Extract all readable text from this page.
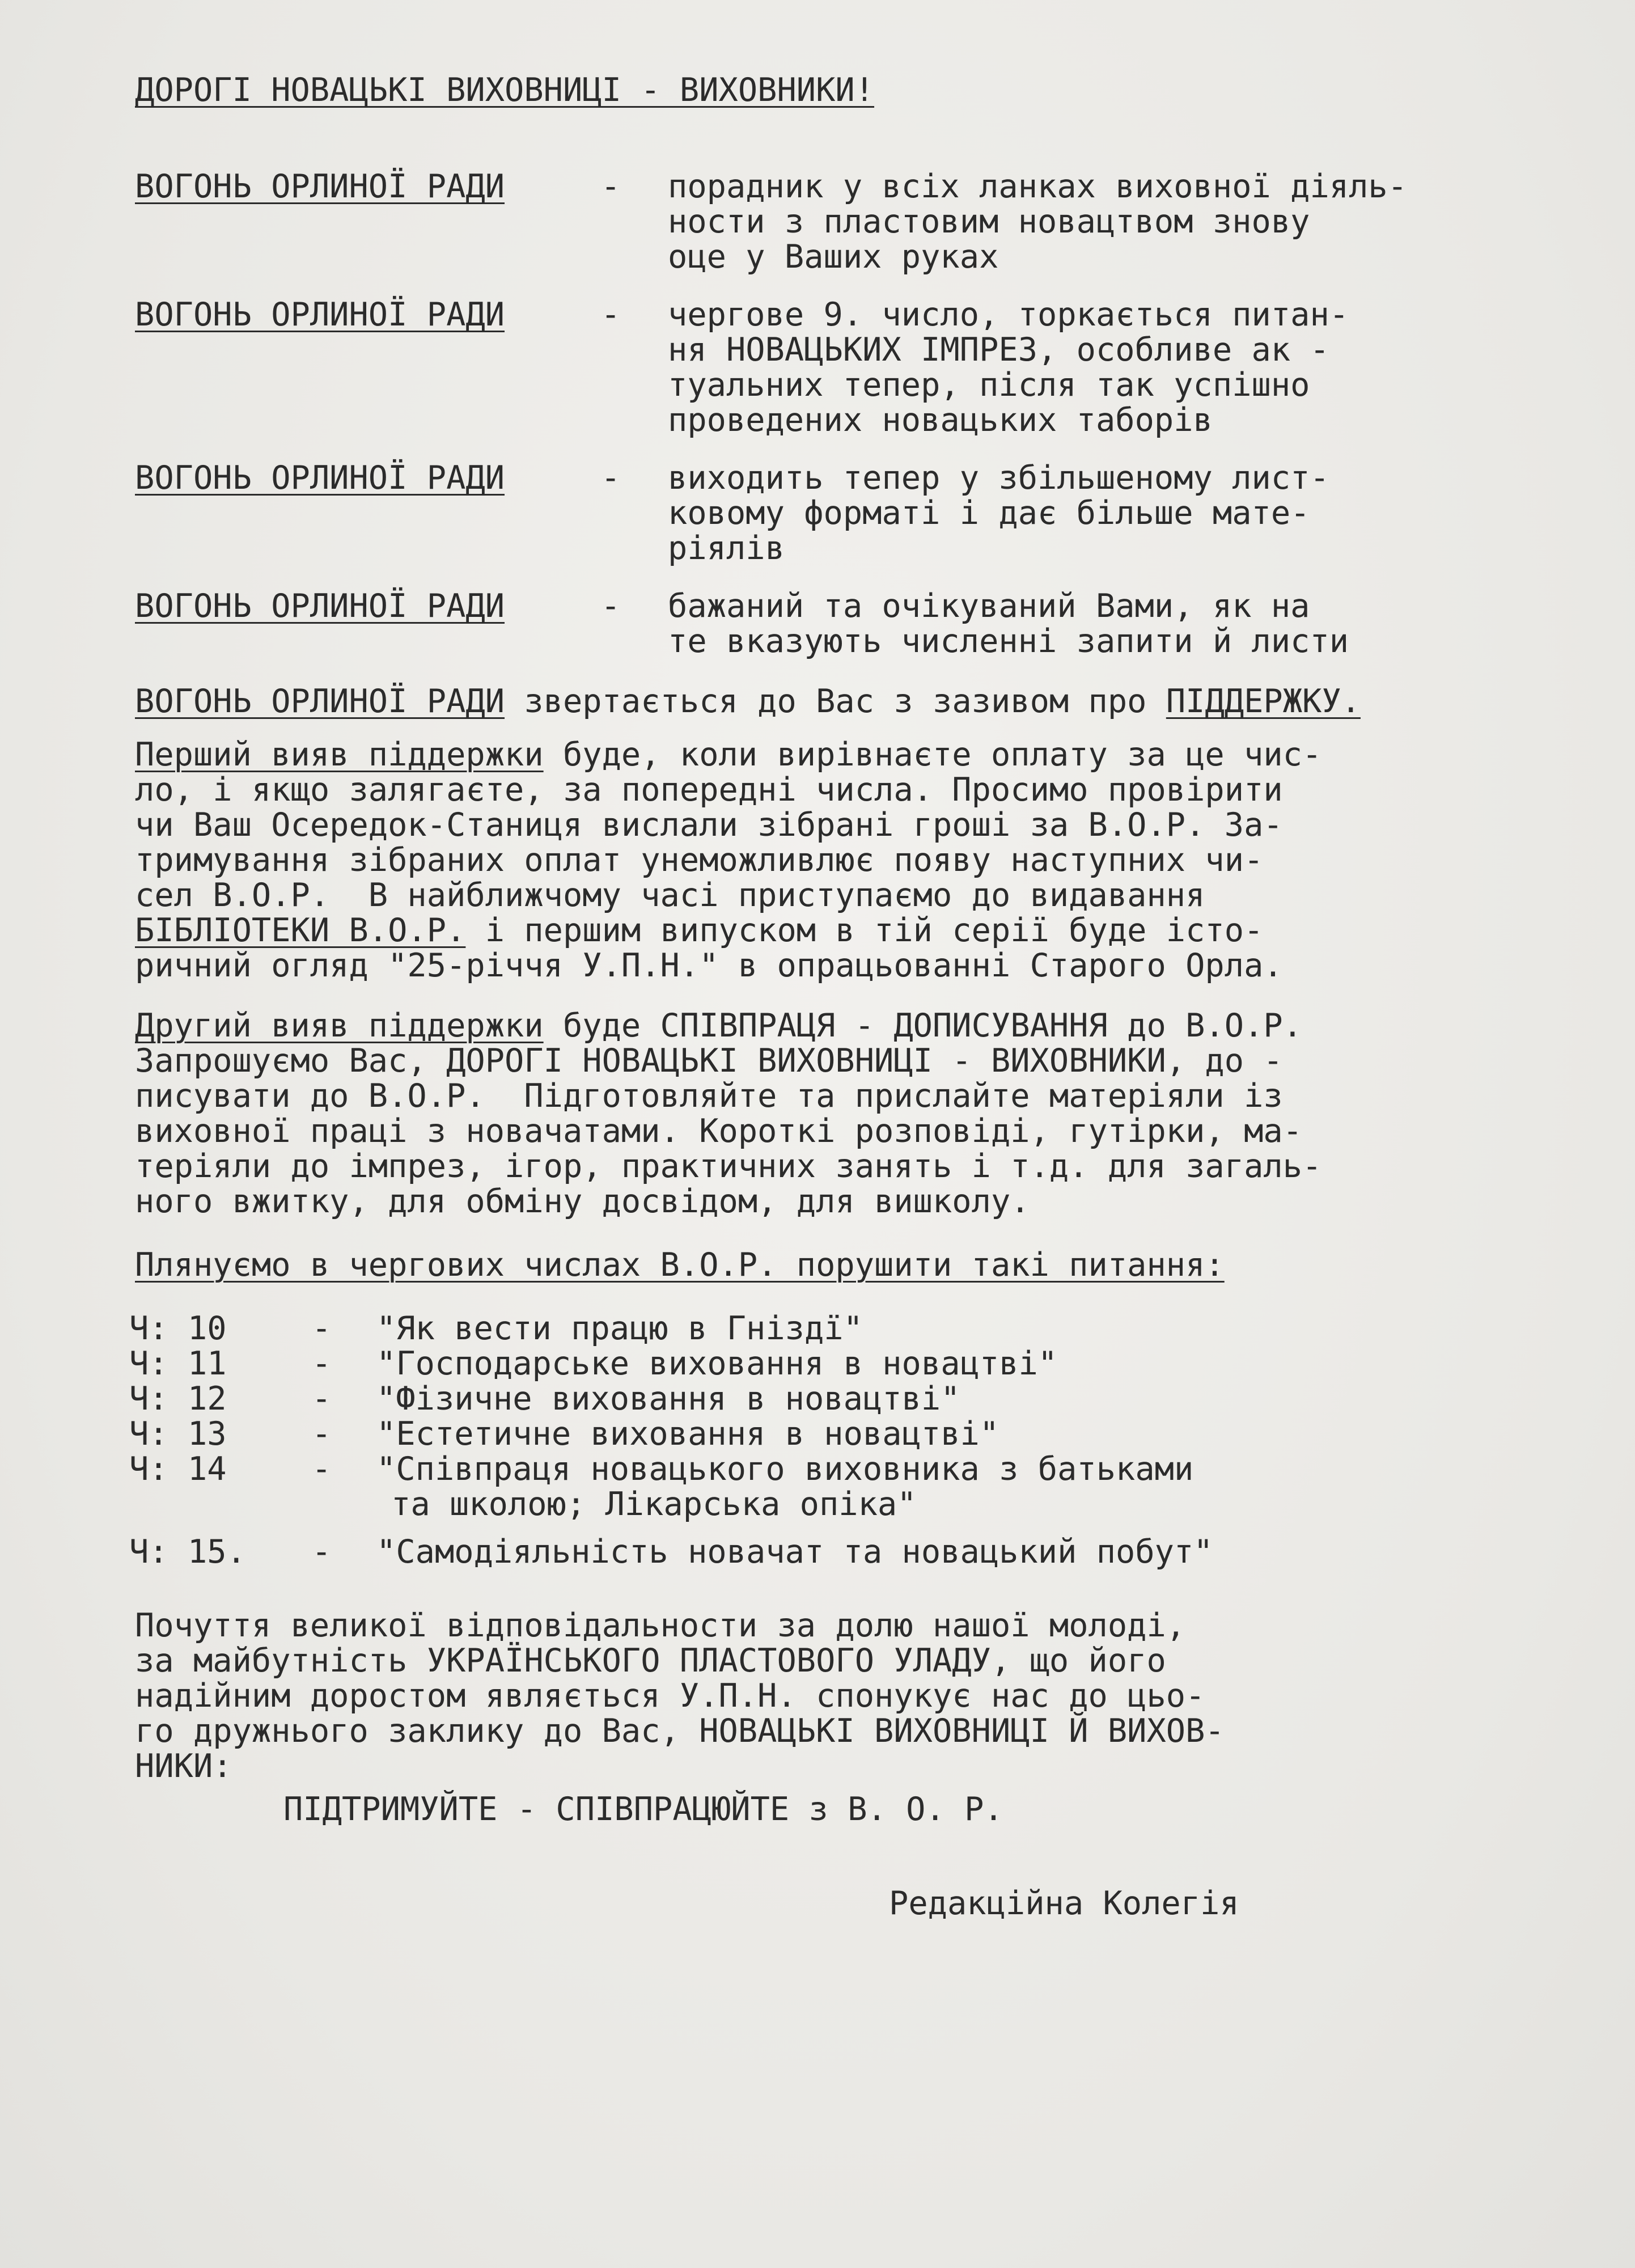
ДОРОГІ НОВАЦЬКІ ВИХОВНИЦІ - ВИХОВНИКИ!
ВОГОНЬ ОРЛИНОЇ РАДИ	- порадник у всіх ланках виховної діяль-
ности з пластовим новацтвом знову
оце у Ваших руках
ВОГОНЬ ОРЛИНОЇ РАДИ	- чергове 9. число, торкається питан-
ня НОВАЦЬКИХ ІМПРЕЗ, особливе ак -
туальних тепер, після так успішно
проведених новацьких таборів
ВОГОНЬ ОРЛИНОЇ РАДИ	- виходить тепер у збільшеному лист-
ковому форматі і дає більше мате-
ріялів
ВОГОНЬ ОРЛИНОЇ РАДИ	- бажаний та очікуваний Вами, як на
те вказують численні запити й листи
ВОГОНЬ ОРЛИНОЇ РАДИ звертається до Вас з зазивом про ПІДДЕРЖКУ.
Перший вияв піддержки буде, коли вирівнаєте оплату за це чис-
ло, і якщо залягаєте, за попередні числа. Просимо провірити
чи Ваш Осередок-Станиця вислали зібрані гроші за В.О.Р. За-
тримування зібраних оплат унеможливлює появу наступних чи-
сел В.О.Р.  В найближчому часі приступаємо до видавання
БІБЛІОТЕКИ В.О.Р. і першим випуском в тій серії буде істо-
ричний огляд "25-річчя У.П.Н." в опрацьованні Старого Орла.
Другий вияв піддержки буде СПІВПРАЦЯ - ДОПИСУВАННЯ до В.О.Р.
Запрошуємо Вас, ДОРОГІ НОВАЦЬКІ ВИХОВНИЦІ - ВИХОВНИКИ, до -
писувати до В.О.Р.  Підготовляйте та прислайте матеріяли із
виховної праці з новачатами. Короткі розповіді, гутірки, ма-
теріяли до імпрез, ігор, практичних занять і т.д. для загаль-
ного вжитку, для обміну досвідом, для вишколу.
Плянуємо в чергових числах В.О.Р. порушити такі питання:
Ч: 10	- "Як вести працю в Гніздї"
Ч: 11	- "Господарське виховання в новацтві"
Ч: 12	- "Фізичне виховання в новацтві"
Ч: 13	- "Естетичне виховання в новацтві"
Ч: 14	- "Співпраця новацького виховника з батьками
та школою; Лікарська опіка"
Ч: 15. - "Самодіяльність новачат та новацький побут"
Почуття великої відповідальности за долю нашої молоді,
за майбутність УКРАЇНСЬКОГО ПЛАСТОВОГО УЛАДУ, що його
надійним доростом являється У.П.Н. спонукує нас до цьо-
го дружнього заклику до Вас, НОВАЦЬКІ ВИХОВНИЦІ Й ВИХОВ-
НИКИ:
ПІДТРИМУЙТЕ - СПІВПРАЦЮЙТЕ з В. О. Р.
Редакційна Колегія
